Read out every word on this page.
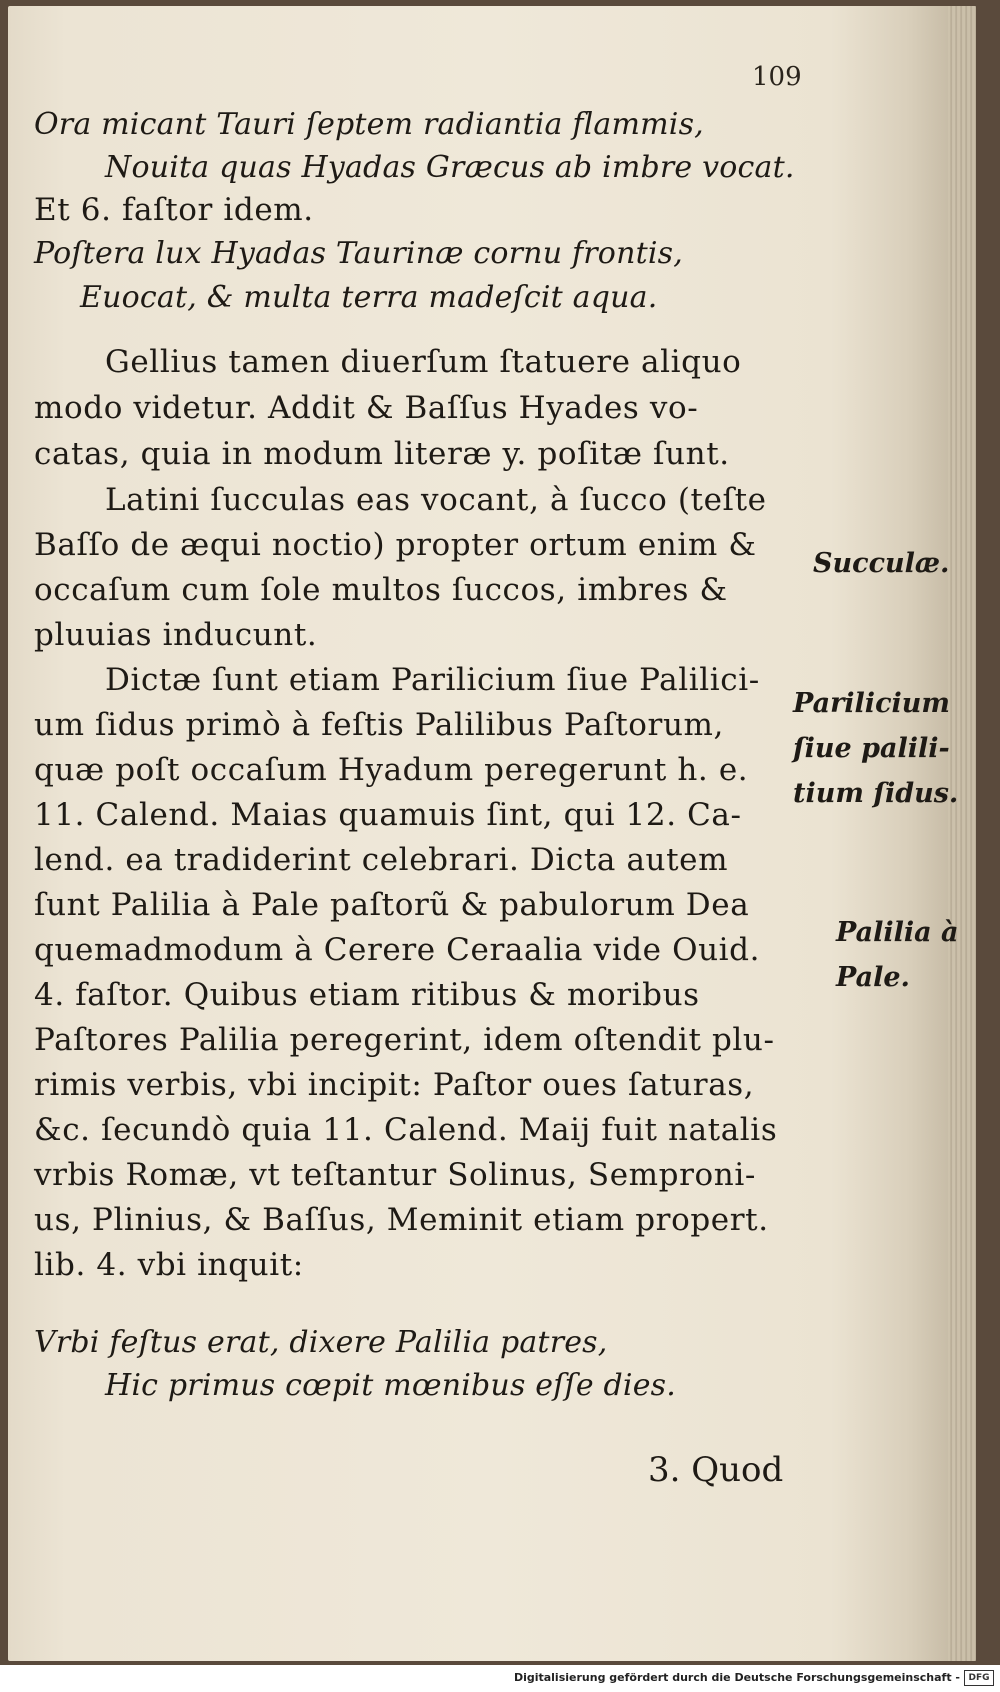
109
Ora micant Tauri ſeptem radiantia flammis,
Nouita quas Hyadas Græcus ab imbre vocat.
Et 6. faſtor idem.
Poſtera lux Hyadas Taurinæ cornu frontis,
Euocat, & multa terra madeſcit aqua.
Gellius tamen diuerſum ſtatuere aliquo
modo videtur. Addit & Baſſus Hyades vo-
catas, quia in modum literæ y. poſitæ ſunt.
Latini ſucculas eas vocant, à ſucco (teſte
Baſſo de æqui noctio) propter ortum enim &
occaſum cum ſole multos ſuccos, imbres &
pluuias inducunt.
Dictæ ſunt etiam Parilicium ſiue Palilici-
um ſidus primò à feſtis Palilibus Paſtorum,
quæ poſt occaſum Hyadum peregerunt h. e.
11. Calend. Maias quamuis ſint, qui 12. Ca-
lend. ea tradiderint celebrari. Dicta autem
ſunt Palilia à Pale paſtorũ & pabulorum Dea
quemadmodum à Cerere Ceraalia vide Ouid.
4. faſtor. Quibus etiam ritibus & moribus
Paſtores Palilia peregerint, idem oſtendit plu-
rimis verbis, vbi incipit: Paſtor oues ſaturas,
&c. ſecundò quia 11. Calend. Maij fuit natalis
vrbis Romæ, vt teſtantur Solinus, Semproni-
us, Plinius, & Baſſus, Meminit etiam propert.
lib. 4. vbi inquit:
Vrbi feſtus erat, dixere Palilia patres,
Hic primus cœpit mœnibus eſſe dies.
3. Quod
Succulæ.
Parilicium
ſiue palili-
tium ſidus.
Palilia à
Pale.
Digitalisierung gefördert durch die Deutsche Forschungsgemeinschaft - DFG
